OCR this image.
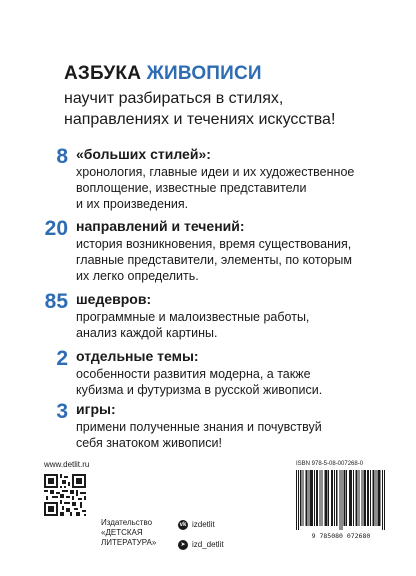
АЗБУКА ЖИВОПИСИ
научит разбираться в стилях,
направлениях и течениях искусства!
8 «больших стилей»:
хронология, главные идеи и их художественное
воплощение, известные представители
и их произведения.
20 направлений и течений:
история возникновения, время существования,
главные представители, элементы, по которым
их легко определить.
85 шедевров:
программные и малоизвестные работы,
анализ каждой картины.
2 отдельные темы:
особенности развития модерна, а также
кубизма и футуризма в русской живописи.
3 игры:
примени полученные знания и почувствуй
себя знатоком живописи!
www.detlit.ru
Издательство
«ДЕТСКАЯ
ЛИТЕРАТУРА»
vk izdetlit
➤ izd_detlit
ISBN 978-5-08-007268-0
9 785080 072680
